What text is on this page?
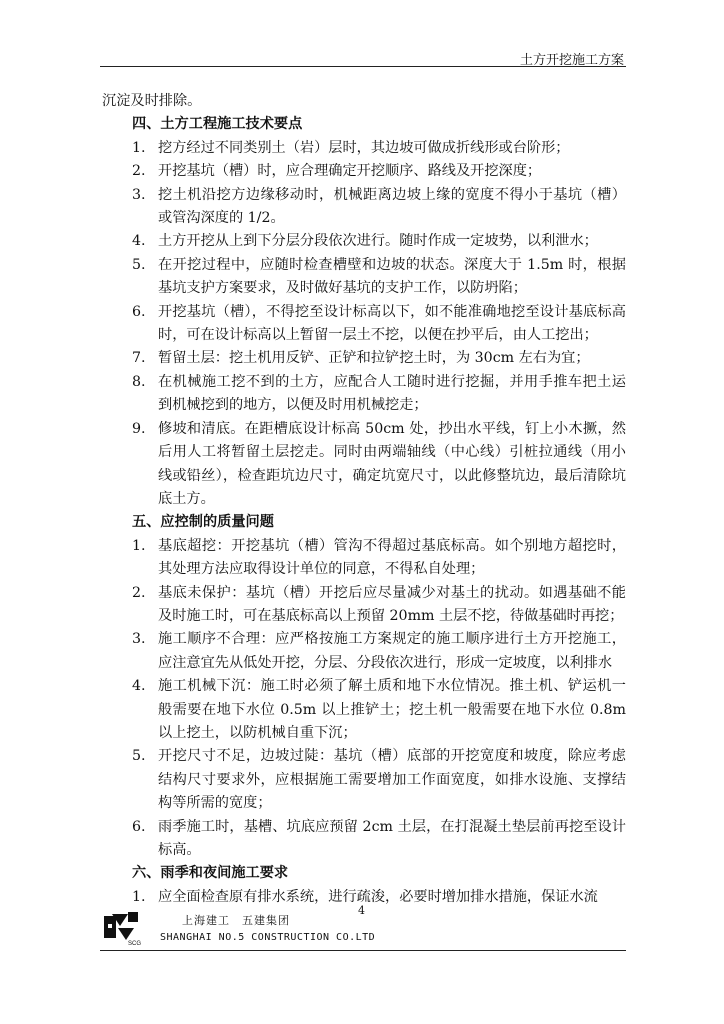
土方开挖施工方案

沉淀及时排除。

四、土方工程施工技术要点

1. 挖方经过不同类别土（岩）层时，其边坡可做成折线形或台阶形；
2. 开挖基坑（槽）时，应合理确定开挖顺序、路线及开挖深度；
3. 挖土机沿挖方边缘移动时，机械距离边坡上缘的宽度不得小于基坑（槽）或管沟深度的 1/2。
4. 土方开挖从上到下分层分段依次进行。随时作成一定坡势，以利泄水；
5. 在开挖过程中，应随时检查槽壁和边坡的状态。深度大于 1.5m 时，根据基坑支护方案要求，及时做好基坑的支护工作，以防坍陷；
6. 开挖基坑（槽），不得挖至设计标高以下，如不能准确地挖至设计基底标高时，可在设计标高以上暂留一层土不挖，以便在抄平后，由人工挖出；
7. 暂留土层：挖土机用反铲、正铲和拉铲挖土时，为 30cm 左右为宜；
8. 在机械施工挖不到的土方，应配合人工随时进行挖掘，并用手推车把土运到机械挖到的地方，以便及时用机械挖走；
9. 修坡和清底。在距槽底设计标高 50cm 处，抄出水平线，钉上小木撅，然后用人工将暂留土层挖走。同时由两端轴线（中心线）引桩拉通线（用小线或铅丝），检查距坑边尺寸，确定坑宽尺寸，以此修整坑边，最后清除坑底土方。

五、应控制的质量问题

1. 基底超挖：开挖基坑（槽）管沟不得超过基底标高。如个别地方超挖时，其处理方法应取得设计单位的同意，不得私自处理；
2. 基底未保护：基坑（槽）开挖后应尽量减少对基土的扰动。如遇基础不能及时施工时，可在基底标高以上预留 20mm 土层不挖，待做基础时再挖；
3. 施工顺序不合理：应严格按施工方案规定的施工顺序进行土方开挖施工，应注意宜先从低处开挖，分层、分段依次进行，形成一定坡度，以利排水
4. 施工机械下沉：施工时必须了解土质和地下水位情况。推土机、铲运机一般需要在地下水位 0.5m 以上推铲土；挖土机一般需要在地下水位 0.8m 以上挖土，以防机械自重下沉；
5. 开挖尺寸不足，边坡过陡：基坑（槽）底部的开挖宽度和坡度，除应考虑结构尺寸要求外，应根据施工需要增加工作面宽度，如排水设施、支撑结构等所需的宽度；
6. 雨季施工时，基槽、坑底应预留 2cm 土层，在打混凝土垫层前再挖至设计标高。

六、雨季和夜间施工要求

1. 应全面检查原有排水系统，进行疏浚，必要时增加排水措施，保证水流
4
SCG
上海建工　五建集团
SHANGHAI NO.5 CONSTRUCTION CO.LTD
